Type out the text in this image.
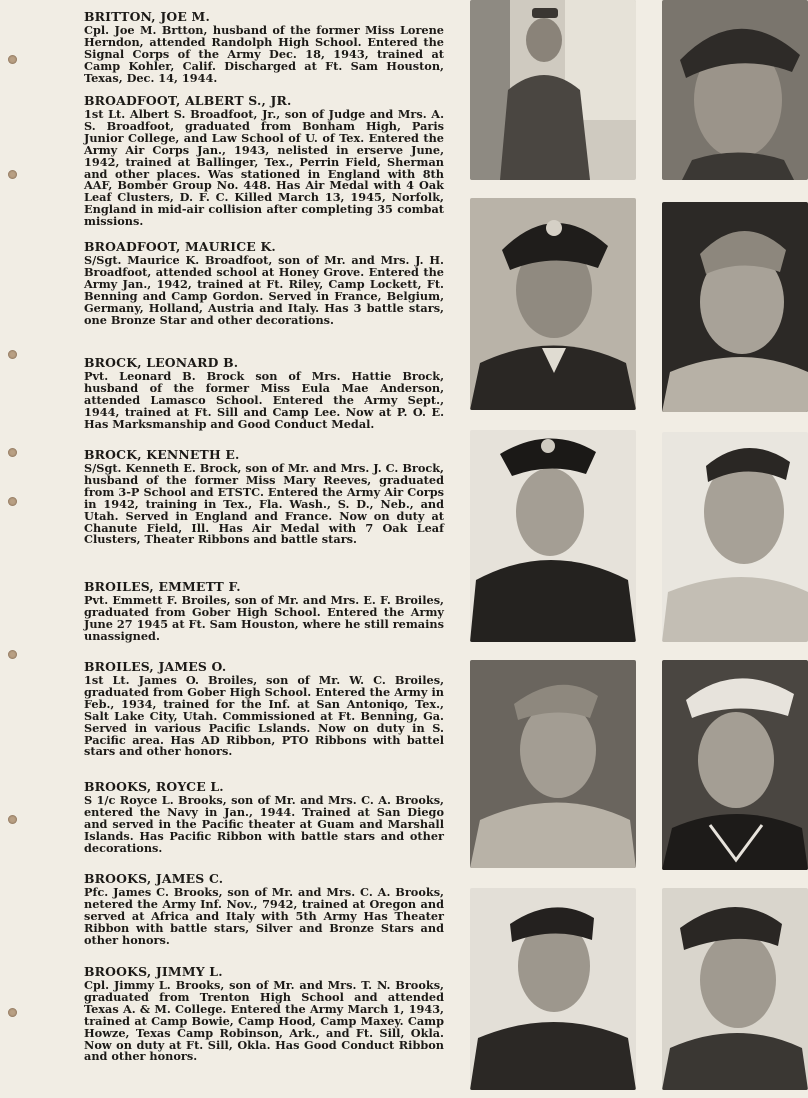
BRITTON, JOE M.
Cpl. Joe M. Brtton, husband of the former Miss Lorene Herndon, attended Randolph High School. Entered the Signal Corps of the Army Dec. 18, 1943, trained at Camp Kohler, Calif. Discharged at Ft. Sam Houston, Texas, Dec. 14, 1944.
BROADFOOT, ALBERT S., JR.
1st Lt. Albert S. Broadfoot, Jr., son of Judge and Mrs. A. S. Broadfoot, graduated from Bonham High, Paris Junior College, and Law School of U. of Tex. Entered the Army Air Corps Jan., 1943, nelisted in erserve June, 1942, trained at Ballinger, Tex., Perrin Field, Sherman and other places. Was stationed in England with 8th AAF, Bomber Group No. 448. Has Air Medal with 4 Oak Leaf Clusters, D. F. C. Killed March 13, 1945, Norfolk, England in mid-air collision after completing 35 combat missions.
BROADFOOT, MAURICE K.
S/Sgt. Maurice K. Broadfoot, son of Mr. and Mrs. J. H. Broadfoot, attended school at Honey Grove. Entered the Army Jan., 1942, trained at Ft. Riley, Camp Lockett, Ft. Benning and Camp Gordon. Served in France, Belgium, Germany, Holland, Austria and Italy. Has 3 battle stars, one Bronze Star and other decorations.
BROCK, LEONARD B.
Pvt. Leonard B. Brock son of Mrs. Hattie Brock, husband of the former Miss Eula Mae Anderson, attended Lamasco School. Entered the Army Sept., 1944, trained at Ft. Sill and Camp Lee. Now at P. O. E. Has Marksmanship and Good Conduct Medal.
BROCK, KENNETH E.
S/Sgt. Kenneth E. Brock, son of Mr. and Mrs. J. C. Brock, husband of the former Miss Mary Reeves, graduated from 3-P School and ETSTC. Entered the Army Air Corps in 1942, training in Tex., Fla. Wash., S. D., Neb., and Utah. Served in England and France. Now on duty at Chanute Field, Ill. Has Air Medal with 7 Oak Leaf Clusters, Theater Ribbons and battle stars.
BROILES, EMMETT F.
Pvt. Emmett F. Broiles, son of Mr. and Mrs. E. F. Broiles, graduated from Gober High School. Entered the Army June 27 1945 at Ft. Sam Houston, where he still remains unassigned.
BROILES, JAMES O.
1st Lt. James O. Broiles, son of Mr. W. C. Broiles, graduated from Gober High School. Entered the Army in Feb., 1934, trained for the Inf. at San Antoniqo, Tex., Salt Lake City, Utah. Commissioned at Ft. Benning, Ga. Served in various Pacific Lslands. Now on duty in S. Pacific area. Has AD Ribbon, PTO Ribbons with battel stars and other honors.
BROOKS, ROYCE L.
S 1/c Royce L. Brooks, son of Mr. and Mrs. C. A. Brooks, entered the Navy in Jan., 1944. Trained at San Diego and served in the Pacific theater at Guam and Marshall Islands. Has Pacific Ribbon with battle stars and other decorations.
BROOKS, JAMES C.
Pfc. James C. Brooks, son of Mr. and Mrs. C. A. Brooks, netered the Army Inf. Nov., 7942, trained at Oregon and served at Africa and Italy with 5th Army Has Theater Ribbon with battle stars, Silver and Bronze Stars and other honors.
BROOKS, JIMMY L.
Cpl. Jimmy L. Brooks, son of Mr. and Mrs. T. N. Brooks, graduated from Trenton High School and attended Texas A. & M. College. Entered the Army March 1, 1943, trained at Camp Bowie, Camp Hood, Camp Maxey. Camp Howze, Texas Camp Robinson, Ark., and Ft. Sill, Okla. Now on duty at Ft. Sill, Okla. Has Good Conduct Ribbon and other honors.
